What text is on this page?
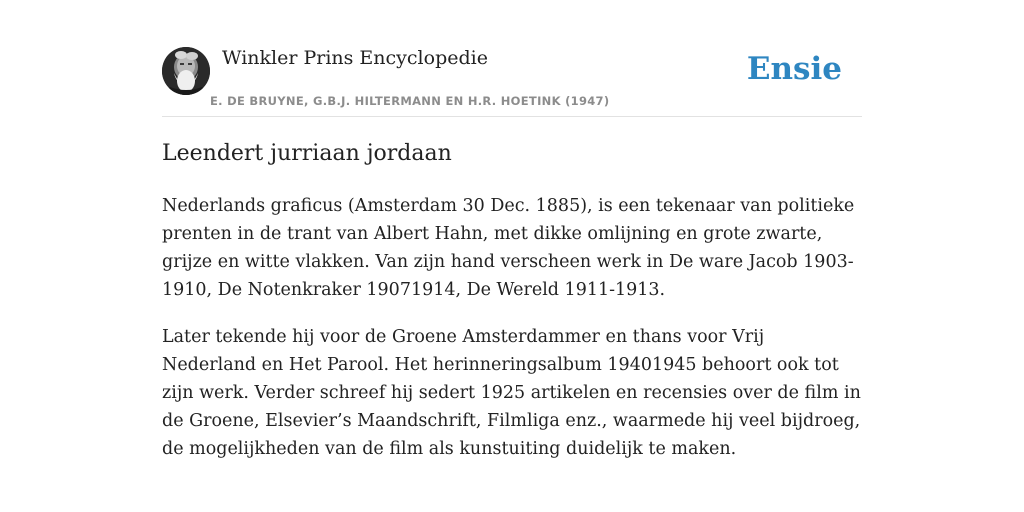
Winkler Prins Encyclopedie
E. DE BRUYNE, G.B.J. HILTERMANN EN H.R. HOETINK (1947)
Ensie
Leendert jurriaan jordaan

Nederlands graficus (Amsterdam 30 Dec. 1885), is een tekenaar van politieke prenten in de trant van Albert Hahn, met dikke omlijning en grote zwarte, grijze en witte vlakken. Van zijn hand verscheen werk in De ware Jacob 1903-1910, De Notenkraker 19071914, De Wereld 1911-1913.

Later tekende hij voor de Groene Amsterdammer en thans voor Vrij Nederland en Het Parool. Het herinneringsalbum 19401945 behoort ook tot zijn werk. Verder schreef hij sedert 1925 artikelen en recensies over de film in de Groene, Elsevier’s Maandschrift, Filmliga enz., waarmede hij veel bijdroeg, de mogelijkheden van de film als kunstuiting duidelijk te maken.
